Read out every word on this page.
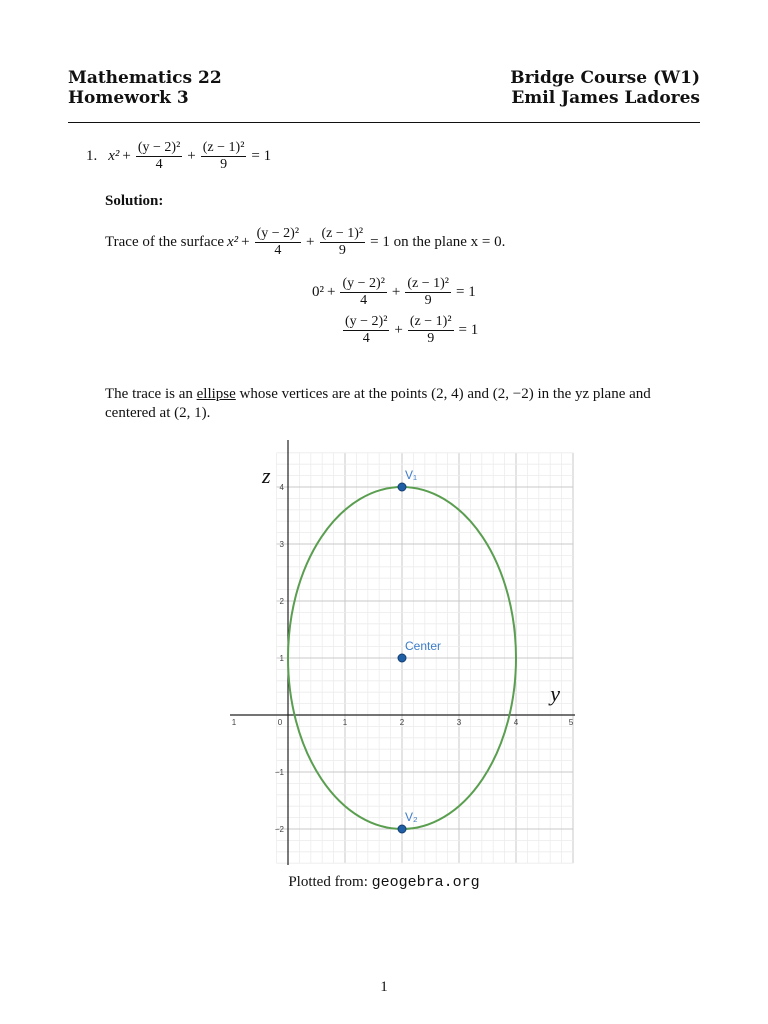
Mathematics 22
Homework 3
Bridge Course (W1)
Emil James Ladores
1. $x^2 + \frac{\text{(y − 2)²}}{4} + \frac{\text{(z − 1)²}}{9} = 1$
Solution:
Trace of the surface $x^2 + \frac{\text{(y − 2)²}}{4} + \frac{\text{(z − 1)²}}{9} = 1$ on the plane x = 0.
$0^2 + \frac{\text{(y − 2)²}}{4} + \frac{\text{(z − 1)²}}{9} = 1$
$\frac{\text{(y − 2)²}}{4} + \frac{\text{(z − 1)²}}{9} = 1$
The trace is an ellipse whose vertices are at the points (2, 4) and (2, −2) in the yz plane and
centered at (2, 1).
1	0	1	2	3	4	5
4
3
2
1
−1
−2
y
z	V₁
Center
V₂
Plotted from: geogebra.org
1
